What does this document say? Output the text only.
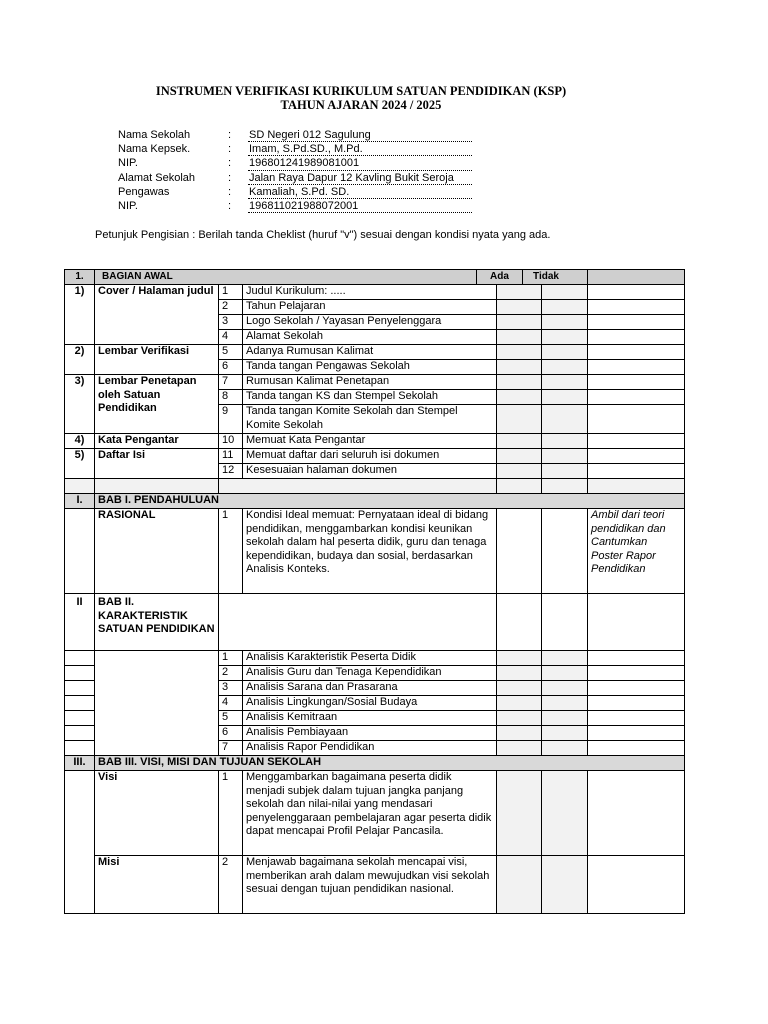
INSTRUMEN VERIFIKASI KURIKULUM SATUAN PENDIDIKAN (KSP)
TAHUN AJARAN 2024 / 2025
Nama Sekolah	:	SD Negeri 012 Sagulung
Nama Kepsek.	:	Imam, S.Pd.SD., M.Pd.
NIP.	:	196801241989081001
Alamat Sekolah	:	Jalan Raya Dapur 12 Kavling Bukit Seroja
Pengawas	:	Kamaliah, S.Pd. SD.
NIP.	:	196811021988072001
Petunjuk Pengisian : Berilah tanda Cheklist (huruf "v") sesuai dengan kondisi nyata yang ada.
1.	BAGIAN AWAL Ada Tidak					

1)	Cover / Halaman judul	1	Judul Kurikulum: .....			
		2	Tahun Pelajaran			
		3	Logo Sekolah / Yayasan Penyelenggara			
		4	Alamat Sekolah			
2)	Lembar Verifikasi	5	Adanya Rumusan Kalimat			
		6	Tanda tangan Pengawas Sekolah			
3)	Lembar Penetapan oleh Satuan Pendidikan	7	Rumusan Kalimat Penetapan			
		8	Tanda tangan KS dan Stempel Sekolah			
		9	Tanda tangan Komite Sekolah dan Stempel Komite Sekolah			
4)	Kata Pengantar	10	Memuat Kata Pengantar			
5)	Daftar Isi	11	Memuat daftar dari seluruh isi dokumen			
		12	Kesesuaian halaman dokumen			

I.	BAB I. PENDAHULUAN					
	RASIONAL	1	Kondisi Ideal memuat: Pernyataan ideal di bidang pendidikan, menggambarkan kondisi keunikan sekolah dalam hal peserta didik, guru dan tenaga kependidikan, budaya dan sosial, berdasarkan Analisis Konteks.			Ambil dari teori pendidikan dan Cantumkan Poster Rapor Pendidikan
II	BAB II. KARAKTERISTIK SATUAN PENDIDIKAN					
		1	Analisis Karakteristik Peserta Didik			
		2	Analisis Guru dan Tenaga Kependidikan			
		3	Analisis Sarana dan Prasarana			
		4	Analisis Lingkungan/Sosial Budaya			
		5	Analisis Kemitraan			
		6	Analisis Pembiayaan			
		7	Analisis Rapor Pendidikan			
III.	BAB III. VISI, MISI DAN TUJUAN SEKOLAH					
	Visi	1	Menggambarkan bagaimana peserta didik menjadi subjek dalam tujuan jangka panjang sekolah dan nilai-nilai yang mendasari penyelenggaraan pembelajaran agar peserta didik dapat mencapai Profil Pelajar Pancasila.			
	Misi	2	Menjawab bagaimana sekolah mencapai visi, memberikan arah dalam mewujudkan visi sekolah sesuai dengan tujuan pendidikan nasional.			
